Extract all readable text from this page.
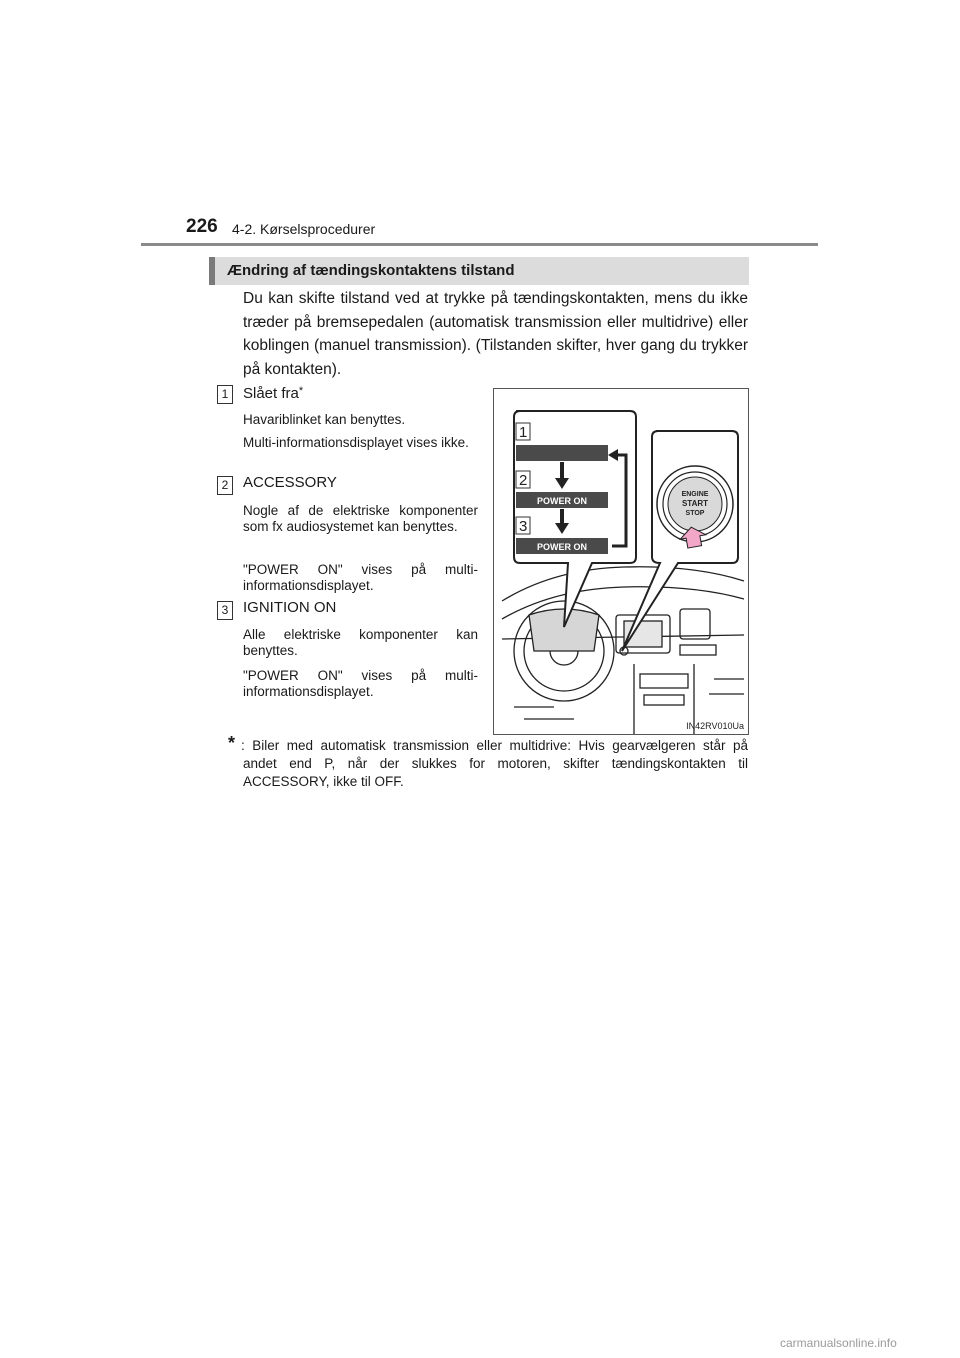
226 4-2. Kørselsprocedurer
Ændring af tændingskontaktens tilstand

Du kan skifte tilstand ved at trykke på tændingskontakten, mens du ikke træder på bremsepedalen (automatisk transmission eller multidrive) eller koblingen (manuel transmission). (Tilstanden skifter, hver gang du trykker på kontakten).

1 Slået fra*

Havariblinket kan benyttes.

Multi-informationsdisplayet vises ikke.

2 ACCESSORY

Nogle af de elektriske komponenter som fx audiosystemet kan benyttes.

"POWER ON" vises på multi-informationsdisplayet.

3 IGNITION ON

Alle elektriske komponenter kan benyttes.

"POWER ON" vises på multi-informationsdisplayet.

1
2
3
POWER ON
POWER ON
ENGINE
START
STOP
IN42RV010Ua
* : Biler med automatisk transmission eller multidrive: Hvis gearvælgeren står på andet end P, når der slukkes for motoren, skifter tændingskontakten til ACCESSORY, ikke til OFF.

carmanualsonline.info
